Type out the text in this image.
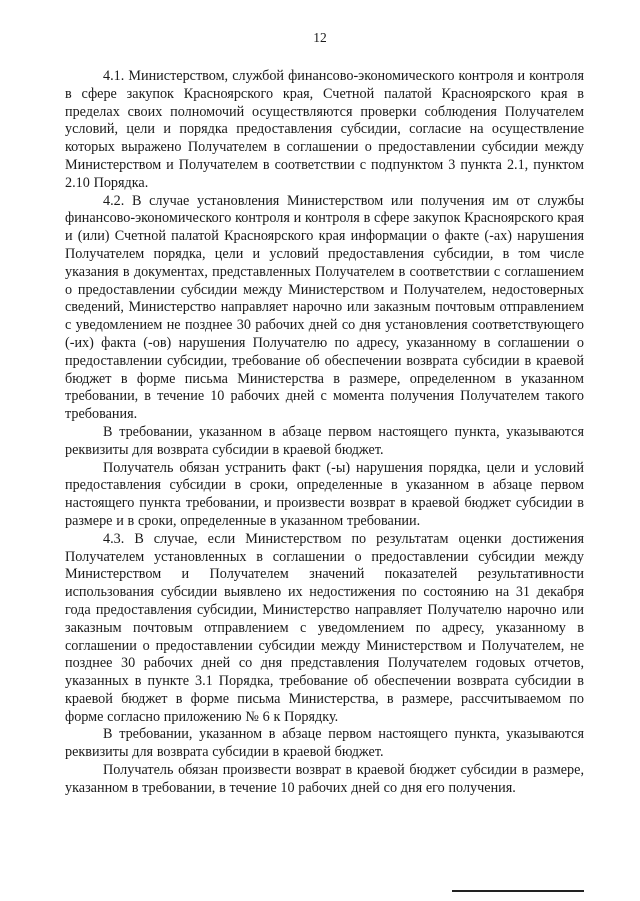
12

4.1. Министерством, службой финансово-экономического контроля и контроля в сфере закупок Красноярского края, Счетной палатой Красноярского края в пределах своих полномочий осуществляются проверки соблюдения Получателем условий, цели и порядка предоставления субсидии, согласие на осуществление которых выражено Получателем в соглашении о предоставлении субсидии между Министерством и Получателем в соответствии с подпунктом 3 пункта 2.1, пунктом 2.10 Порядка.

4.2. В случае установления Министерством или получения им от службы финансово-экономического контроля и контроля в сфере закупок Красноярского края и (или) Счетной палатой Красноярского края информации о факте (-ах) нарушения Получателем порядка, цели и условий предоставления субсидии, в том числе указания в документах, представленных Получателем в соответствии с соглашением о предоставлении субсидии между Министерством и Получателем, недостоверных сведений, Министерство направляет нарочно или заказным почтовым отправлением с уведомлением не позднее 30 рабочих дней со дня установления соответствующего (-их) факта (-ов) нарушения Получателю по адресу, указанному в соглашении о предоставлении субсидии, требование об обеспечении возврата субсидии в краевой бюджет в форме письма Министерства в размере, определенном в указанном требовании, в течение 10 рабочих дней с момента получения Получателем такого требования.

В требовании, указанном в абзаце первом настоящего пункта, указываются реквизиты для возврата субсидии в краевой бюджет.

Получатель обязан устранить факт (-ы) нарушения порядка, цели и условий предоставления субсидии в сроки, определенные в указанном в абзаце первом настоящего пункта требовании, и произвести возврат в краевой бюджет субсидии в размере и в сроки, определенные в указанном требовании.

4.3. В случае, если Министерством по результатам оценки достижения Получателем установленных в соглашении о предоставлении субсидии между Министерством и Получателем значений показателей результативности использования субсидии выявлено их недостижения по состоянию на 31 декабря года предоставления субсидии, Министерство направляет Получателю нарочно или заказным почтовым отправлением с уведомлением по адресу, указанному в соглашении о предоставлении субсидии между Министерством и Получателем, не позднее 30 рабочих дней со дня представления Получателем годовых отчетов, указанных в пункте 3.1 Порядка, требование об обеспечении возврата субсидии в краевой бюджет в форме письма Министерства, в размере, рассчитываемом по форме согласно приложению № 6 к Порядку.

В требовании, указанном в абзаце первом настоящего пункта, указываются реквизиты для возврата субсидии в краевой бюджет.

Получатель обязан произвести возврат в краевой бюджет субсидии в размере, указанном в требовании, в течение 10 рабочих дней со дня его получения.
